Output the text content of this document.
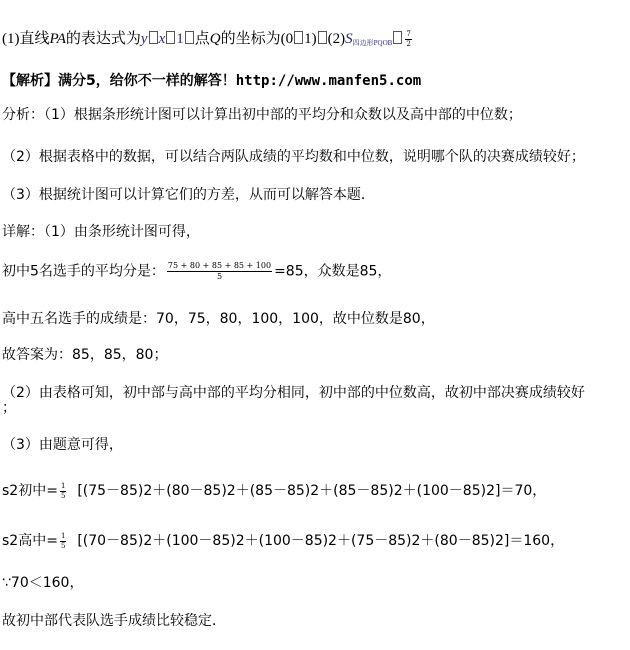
(1)直线PA的表达式为y x 1 点Q的坐标为(0 1) $(2)S_{四边形PQOB} \frac{7}{2}$
【解析】满分5，给你不一样的解答！http://www.manfen5.com
分析：（1）根据条形统计图可以计算出初中部的平均分和众数以及高中部的中位数；
（2）根据表格中的数据，可以结合两队成绩的平均数和中位数，说明哪个队的决赛成绩较好；
（3）根据统计图可以计算它们的方差，从而可以解答本题．
详解：（1）由条形统计图可得，
初中5名选手的平均分是： $\frac{75 + 80 + 85 + 85 + 100}{5} =85$，众数是85，
高中五名选手的成绩是：70，75，80，100，100，故中位数是80，
故答案为：85，85，80；
（2）由表格可知，初中部与高中部的平均分相同，初中部的中位数高，故初中部决赛成绩较好
；
（3）由题意可得，
s2初中= $\frac{1}{5} [(75-85)2+(80-85)2+(85-85)2+(85-85)2+(100-85)2]=70$，
s2高中= $\frac{1}{5} [(70-85)2+(100-85)2+(100-85)2+(75-85)2+(80-85)2]=160$，
∵70＜160，
故初中部代表队选手成绩比较稳定．
